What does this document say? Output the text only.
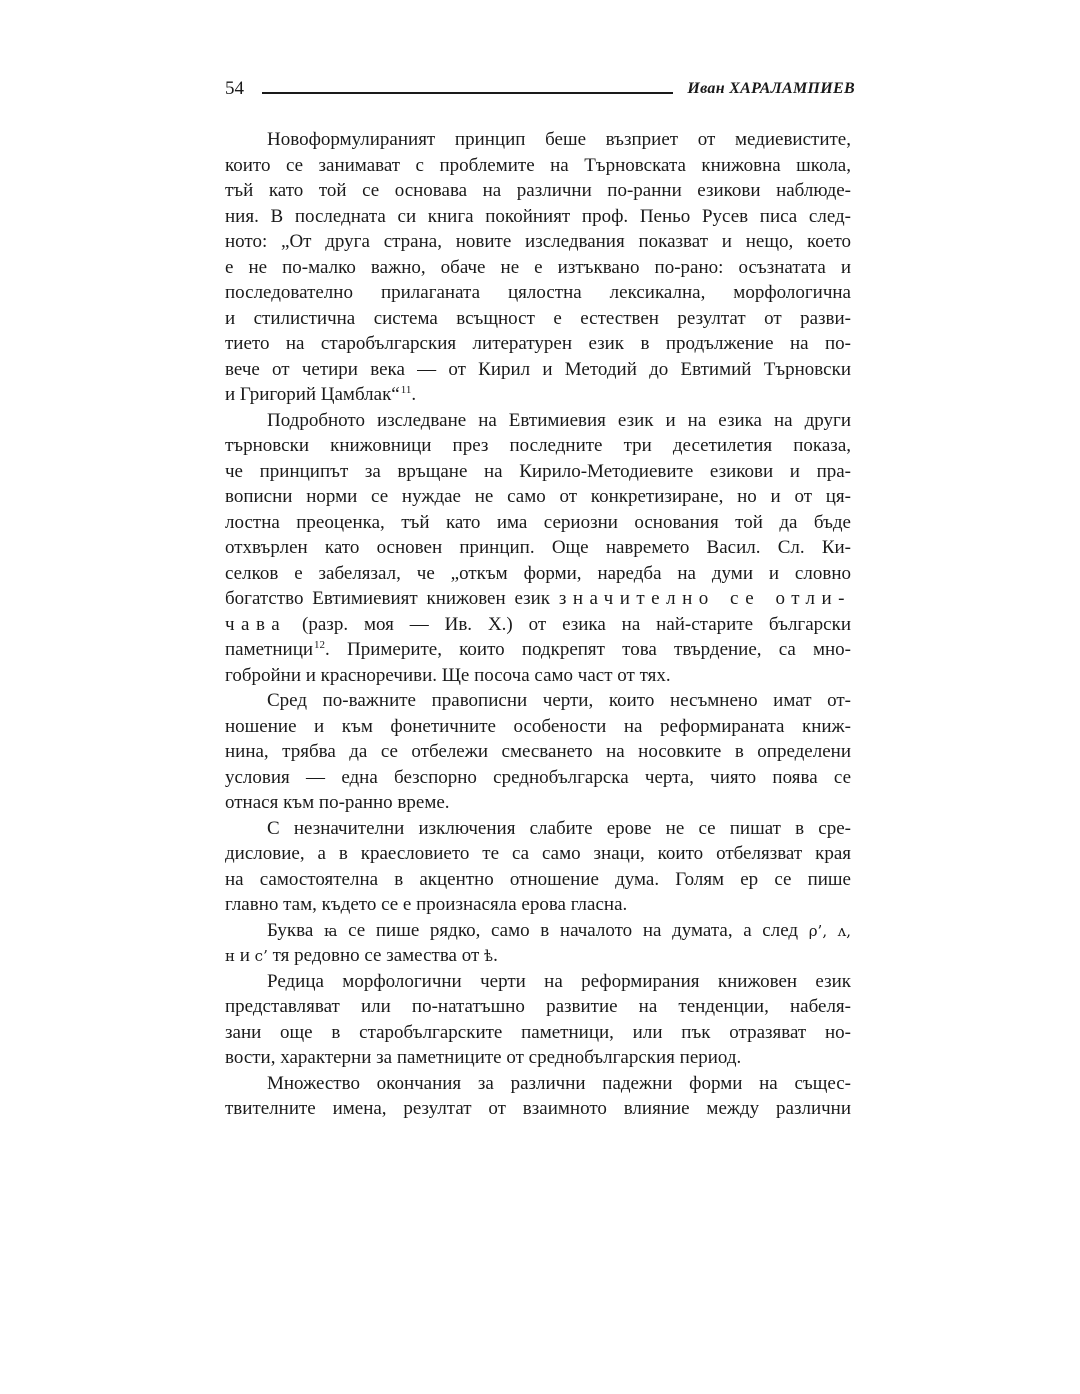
54	Иван ХАРАЛАМПИЕВ
Новоформулираният принцип беше възприет от медиевистите,
които се занимават с проблемите на Търновската книжовна школа,
тъй като той се основава на различни по-ранни езикови наблюде-
ния. В последната си книга покойният проф. Пеньо Русев писа след-
ното: „От друга страна, новите изследвания показват и нещо, което
е не по-малко важно, обаче не е изтъквано по-рано: осъзнатата и
последователно прилаганата цялостна лексикална, морфологична
и стилистична система всъщност е естествен резултат от разви-
тието на старобългарския литературен език в продължение на по-
вече от четири века — от Кирил и Методий до Евтимий Търновски
и Григорий Цамблак“$^{11}$.
Подробното изследване на Евтимиевия език и на езика на други
търновски книжовници през последните три десетилетия показа,
че принципът за връщане на Кирило-Методиевите езикови и пра-
вописни норми се нуждае не само от конкретизиране, но и от ця-
лостна преоценка, тъй като има сериозни основания той да бъде
отхвърлен като основен принцип. Още навремето Васил. Сл. Ки-
селков е забелязал, че „откъм форми, наредба на думи и словно
богатство Евтимиевият книжовен език значително се отли-
чава (разр. моя — Ив. Х.) от езика на най-старите български
паметници$^{12}$. Примерите, които подкрепят това твърдение, са мно-
гобройни и красноречиви. Ще посоча само част от тях.
Сред по-важните правописни черти, които несъмнено имат от-
ношение и към фонетичните особености на реформираната книж-
нина, трябва да се отбележи смесването на носовките в определени
условия — една безспорно среднобългарска черта, чиято поява се
отнася към по-ранно време.
С незначителни изключения слабите ерове не се пишат в сре-
дисловие, а в краесловието те са само знаци, които отбелязват края
на самостоятелна в акцентно отношение дума. Голям ер се пише
главно там, където се е произнасяла ерова гласна.
Буква ꙗ се пише рядко, само в началото на думата, а след ρ’, ʌ,
н и с’ тя редовно се замества от ѣ.
Редица морфологични черти на реформирания книжовен език
представляват или по-нататъшно развитие на тенденции, набеля-
зани още в старобългарските паметници, или пък отразяват но-
вости, характерни за паметниците от среднобългарския период.
Множество окончания за различни падежни форми на същес-
твителните имена, резултат от взаимното влияние между различни
